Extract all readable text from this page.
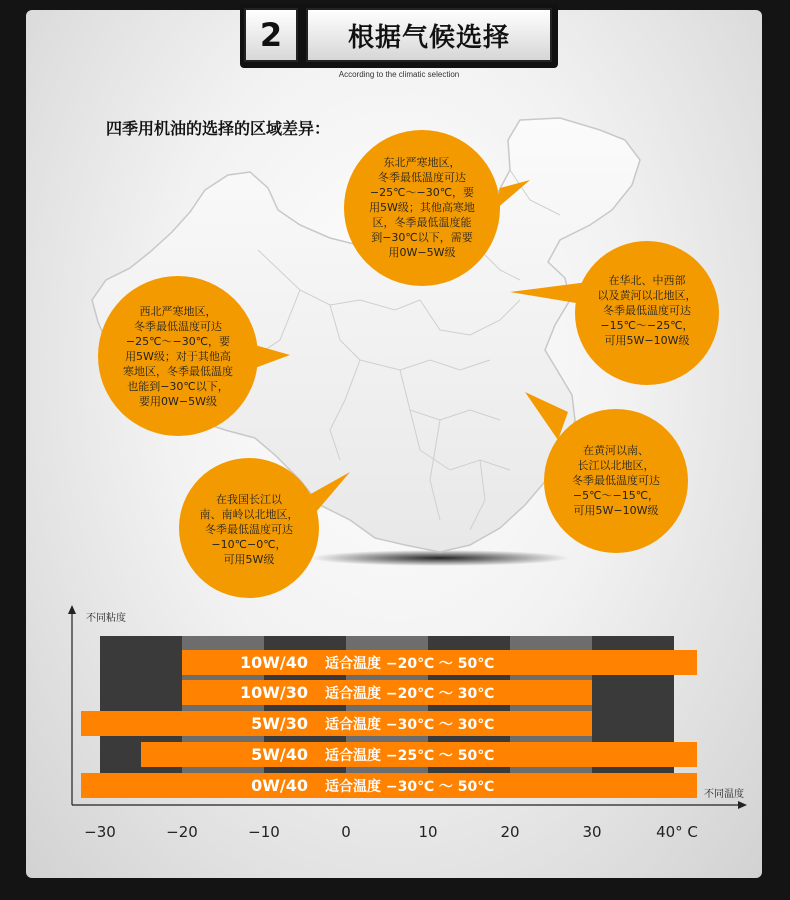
2	根据气候选择
According to the climatic selection
四季用机油的选择的区域差异：
东北严寒地区，
冬季最低温度可达
−25℃～−30℃，要
用5W级；其他高寒地
区，冬季最低温度能
到−30℃以下，需要
用0W−5W级
西北严寒地区，
冬季最低温度可达
−25℃～−30℃，要
用5W级；对于其他高
寒地区，冬季最低温度
也能到−30℃以下，
要用0W−5W级
在华北、中西部
以及黄河以北地区，
冬季最低温度可达
−15℃～−25℃，
可用5W−10W级
在黄河以南、
长江以北地区，
冬季最低温度可达
−5℃～−15℃，
可用5W−10W级
在我国长江以
南、南岭以北地区，
冬季最低温度可达
−10℃−0℃，
可用5W级
不同粘度
不同温度
10W/40 适合温度 −20℃ ～ 50℃
10W/30 适合温度 −20℃ ～ 30℃
5W/30 适合温度 −30℃ ～ 30℃
5W/40 适合温度 −25℃ ～ 50℃
0W/40 适合温度 −30℃ ～ 50℃
−30	−20	−10	0	10	20	30	40° C
